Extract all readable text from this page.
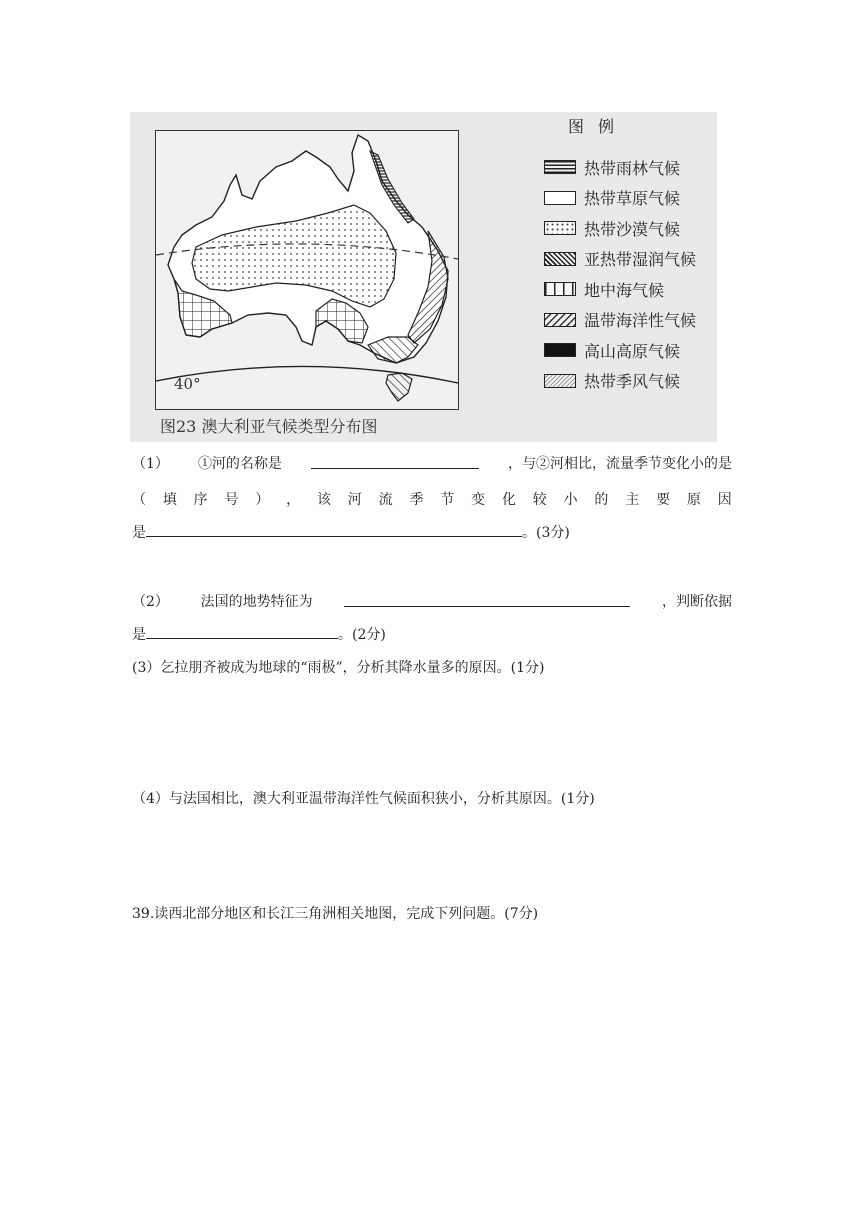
40°
图23 澳大利亚气候类型分布图
图例
热带雨林气候
热带草原气候
热带沙漠气候
亚热带湿润气候
地中海气候
温带海洋性气候
高山高原气候
热带季风气候
（1） ①河的名称是	，与②河相比，流量季节变化小的是
（ 填 序 号 ） ， 该 河 流 季 节 变 化 较 小 的 主 要 原 因
是	。(3分)
（2） 法国的地势特征为	，判断依据
是	。(2分)
(3）乞拉朋齐被成为地球的“雨极”，分析其降水量多的原因。(1分)
（4）与法国相比，澳大利亚温带海洋性气候面积狭小，分析其原因。(1分)
39.读西北部分地区和长江三角洲相关地图，完成下列问题。(7分)
